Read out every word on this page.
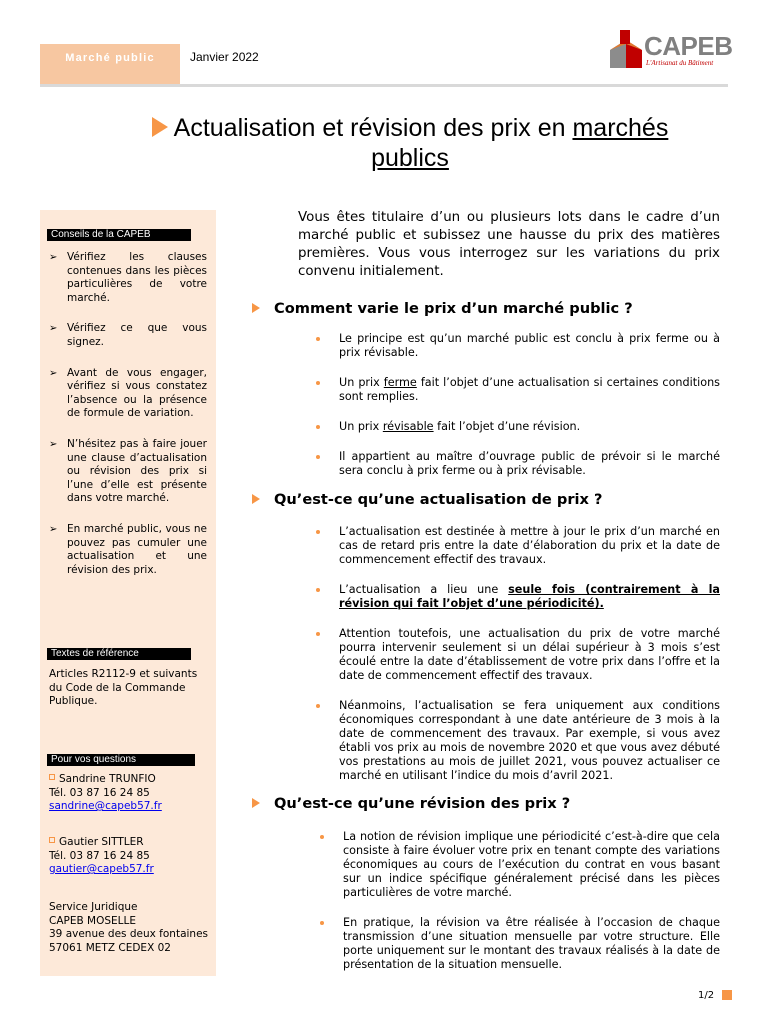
Marché public	Janvier 2022	CAPEB
L'Artisanat du Bâtiment
Actualisation et révision des prix en marchés
publics
Conseils de la CAPEB
➢ Vérifiez les clauses contenues dans les pièces particulières de votre marché.
➢ Vérifiez ce que vous signez.
➢ Avant de vous engager, vérifiez si vous constatez l’absence ou la présence de formule de variation.
➢ N’hésitez pas à faire jouer une clause d’actualisation ou révision des prix si l’une d’elle est présente dans votre marché.
➢ En marché public, vous ne pouvez pas cumuler une actualisation et une révision des prix.
Textes de référence
Articles R2112-9 et suivants du Code de la Commande Publique.
Pour vos questions
Sandrine TRUNFIO
Tél. 03 87 16 24 85
sandrine@capeb57.fr
Gautier SITTLER
Tél. 03 87 16 24 85
gautier@capeb57.fr
Service Juridique
CAPEB MOSELLE
39 avenue des deux fontaines
57061 METZ CEDEX 02
Vous êtes titulaire d’un ou plusieurs lots dans le cadre d’un marché public et subissez une hausse du prix des matières premières. Vous vous interrogez sur les variations du prix convenu initialement.
Comment varie le prix d’un marché public ?
Le principe est qu’un marché public est conclu à prix ferme ou à prix révisable.
Un prix ferme fait l’objet d’une actualisation si certaines conditions sont remplies.
Un prix révisable fait l’objet d’une révision.
Il appartient au maître d’ouvrage public de prévoir si le marché sera conclu à prix ferme ou à prix révisable.
Qu’est-ce qu’une actualisation de prix ?
L’actualisation est destinée à mettre à jour le prix d’un marché en cas de retard pris entre la date d’élaboration du prix et la date de commencement effectif des travaux.
L’actualisation a lieu une seule fois (contrairement à la révision qui fait l’objet d’une périodicité).
Attention toutefois, une actualisation du prix de votre marché pourra intervenir seulement si un délai supérieur à 3 mois s’est écoulé entre la date d’établissement de votre prix dans l’offre et la date de commencement effectif des travaux.
Néanmoins, l’actualisation se fera uniquement aux conditions économiques correspondant à une date antérieure de 3 mois à la date de commencement des travaux. Par exemple, si vous avez établi vos prix au mois de novembre 2020 et que vous avez débuté vos prestations au mois de juillet 2021, vous pouvez actualiser ce marché en utilisant l’indice du mois d’avril 2021.
Qu’est-ce qu’une révision des prix ?
La notion de révision implique une périodicité c’est-à-dire que cela consiste à faire évoluer votre prix en tenant compte des variations économiques au cours de l’exécution du contrat en vous basant sur un indice spécifique généralement précisé dans les pièces particulières de votre marché.
En pratique, la révision va être réalisée à l’occasion de chaque transmission d’une situation mensuelle par votre structure. Elle porte uniquement sur le montant des travaux réalisés à la date de présentation de la situation mensuelle.
1/2
